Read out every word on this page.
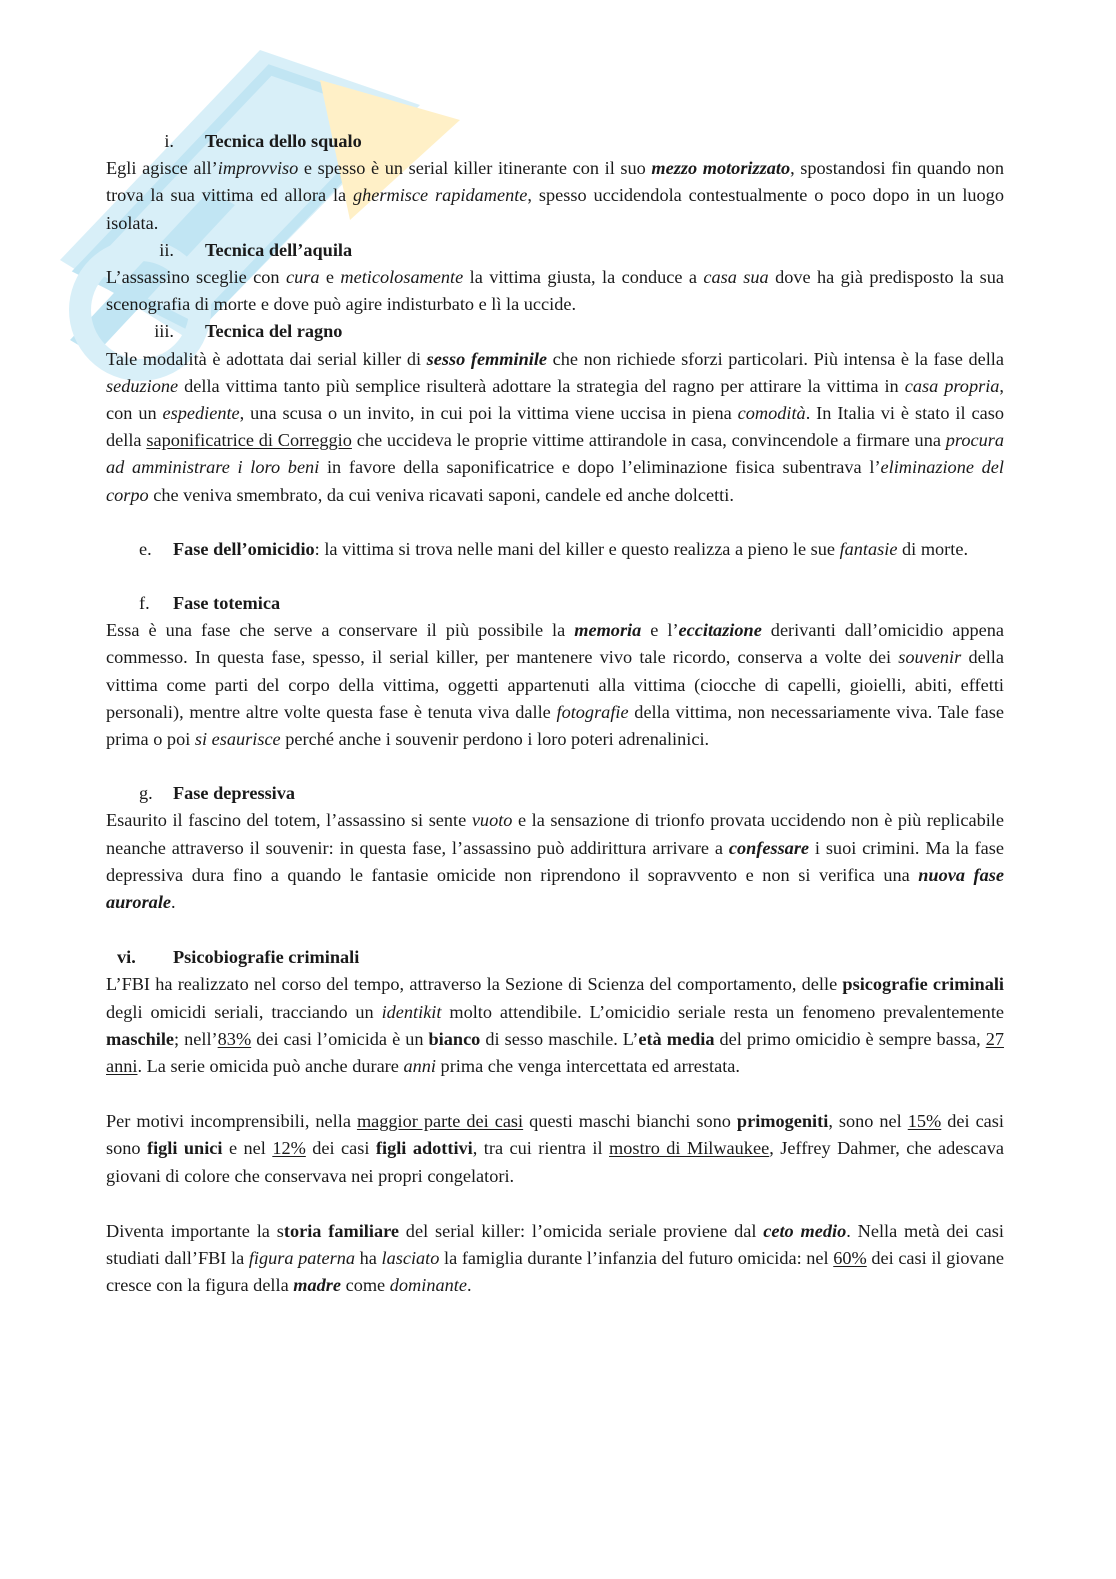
i. Tecnica dello squalo

Egli agisce all’improvviso e spesso è un serial killer itinerante con il suo mezzo motorizzato, spostandosi fin quando non trova la sua vittima ed allora la ghermisce rapidamente, spesso uccidendola contestualmente o poco dopo in un luogo isolata.

ii. Tecnica dell’aquila

L’assassino sceglie con cura e meticolosamente la vittima giusta, la conduce a casa sua dove ha già predisposto la sua scenografia di morte e dove può agire indisturbato e lì la uccide.

iii. Tecnica del ragno

Tale modalità è adottata dai serial killer di sesso femminile che non richiede sforzi particolari. Più intensa è la fase della seduzione della vittima tanto più semplice risulterà adottare la strategia del ragno per attirare la vittima in casa propria, con un espediente, una scusa o un invito, in cui poi la vittima viene uccisa in piena comodità. In Italia vi è stato il caso della saponificatrice di Correggio che uccideva le proprie vittime attirandole in casa, convincendole a firmare una procura ad amministrare i loro beni in favore della saponificatrice e dopo l’eliminazione fisica subentrava l’eliminazione del corpo che veniva smembrato, da cui veniva ricavati saponi, candele ed anche dolcetti.

e. Fase dell’omicidio: la vittima si trova nelle mani del killer e questo realizza a pieno le sue fantasie di morte.

f. Fase totemica

Essa è una fase che serve a conservare il più possibile la memoria e l’eccitazione derivanti dall’omicidio appena commesso. In questa fase, spesso, il serial killer, per mantenere vivo tale ricordo, conserva a volte dei souvenir della vittima come parti del corpo della vittima, oggetti appartenuti alla vittima (ciocche di capelli, gioielli, abiti, effetti personali), mentre altre volte questa fase è tenuta viva dalle fotografie della vittima, non necessariamente viva. Tale fase prima o poi si esaurisce perché anche i souvenir perdono i loro poteri adrenalinici.

g. Fase depressiva

Esaurito il fascino del totem, l’assassino si sente vuoto e la sensazione di trionfo provata uccidendo non è più replicabile neanche attraverso il souvenir: in questa fase, l’assassino può addirittura arrivare a confessare i suoi crimini. Ma la fase depressiva dura fino a quando le fantasie omicide non riprendono il sopravvento e non si verifica una nuova fase aurorale.

vi. Psicobiografie criminali

L’FBI ha realizzato nel corso del tempo, attraverso la Sezione di Scienza del comportamento, delle psicografie criminali degli omicidi seriali, tracciando un identikit molto attendibile. L’omicidio seriale resta un fenomeno prevalentemente maschile; nell’83% dei casi l’omicida è un bianco di sesso maschile. L’età media del primo omicidio è sempre bassa, 27 anni. La serie omicida può anche durare anni prima che venga intercettata ed arrestata.

Per motivi incomprensibili, nella maggior parte dei casi questi maschi bianchi sono primogeniti, sono nel 15% dei casi sono figli unici e nel 12% dei casi figli adottivi, tra cui rientra il mostro di Milwaukee, Jeffrey Dahmer, che adescava giovani di colore che conservava nei propri congelatori.

Diventa importante la storia familiare del serial killer: l’omicida seriale proviene dal ceto medio. Nella metà dei casi studiati dall’FBI la figura paterna ha lasciato la famiglia durante l’infanzia del futuro omicida: nel 60% dei casi il giovane cresce con la figura della madre come dominante.
